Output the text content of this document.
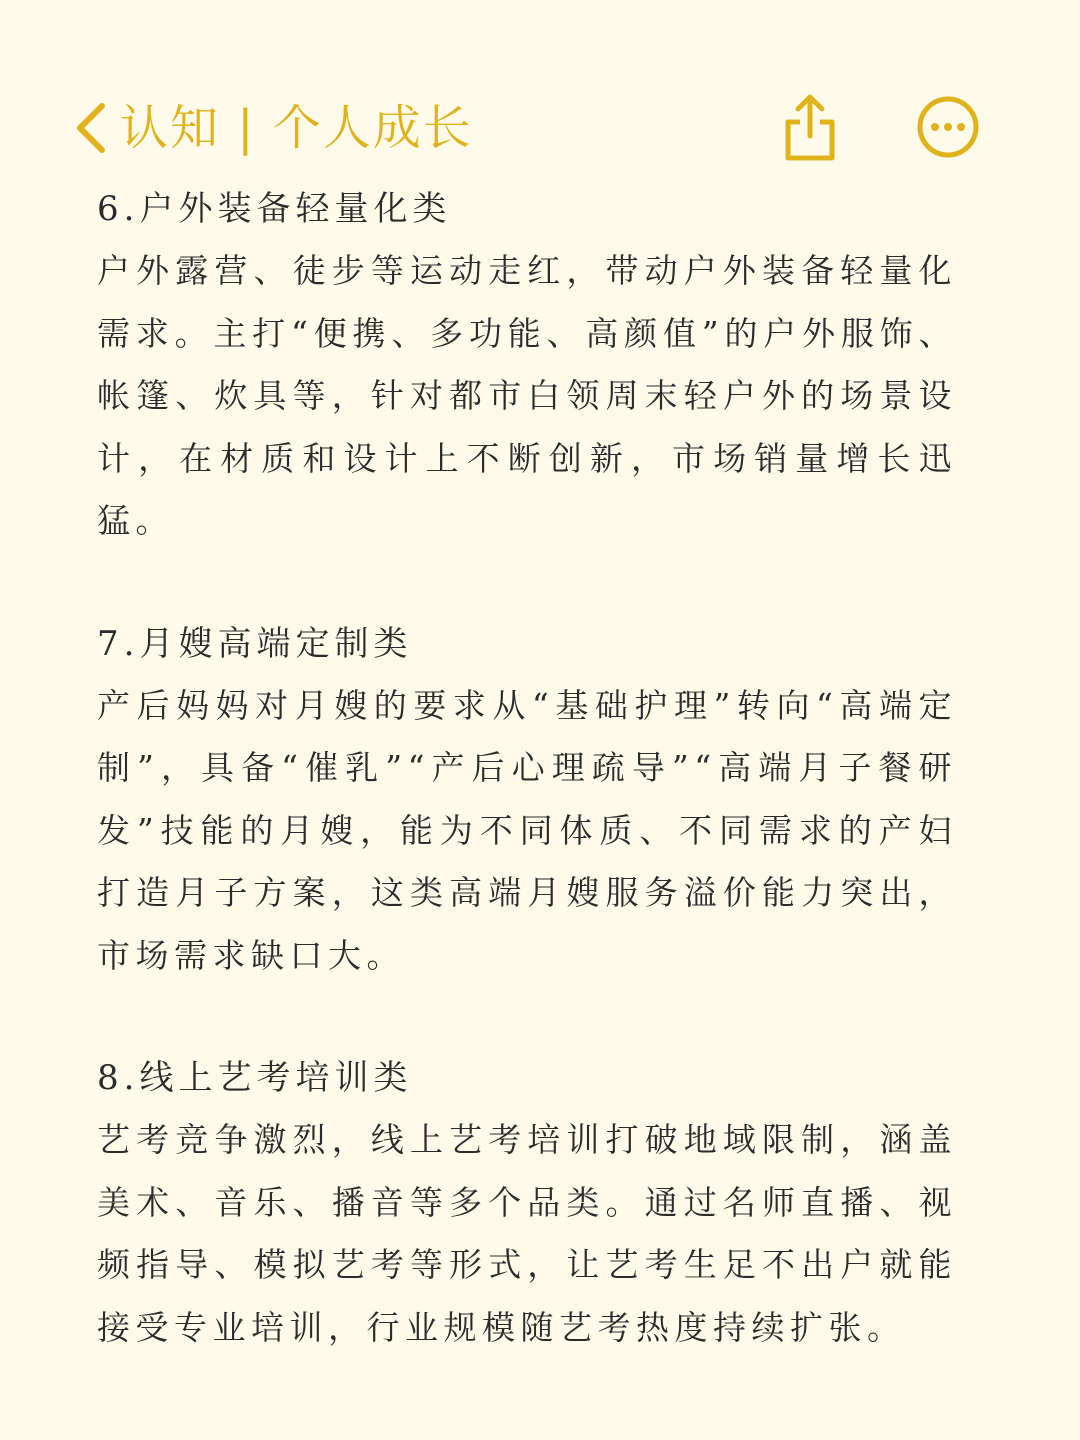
认知 | 个人成长
6.户外装备轻量化类

户外露营、徒步等运动走红，带动户外装备轻量化需求。主打“便携、多功能、高颜值”的户外服饰、帐篷、炊具等，针对都市白领周末轻户外的场景设计，在材质和设计上不断创新，市场销量增长迅猛。

7.月嫂高端定制类

产后妈妈对月嫂的要求从“基础护理”转向“高端定制”，具备“催乳”“产后心理疏导”“高端月子餐研发”技能的月嫂，能为不同体质、不同需求的产妇打造月子方案，这类高端月嫂服务溢价能力突出，市场需求缺口大。

8.线上艺考培训类

艺考竞争激烈，线上艺考培训打破地域限制，涵盖美术、音乐、播音等多个品类。通过名师直播、视频指导、模拟艺考等形式，让艺考生足不出户就能接受专业培训，行业规模随艺考热度持续扩张。
